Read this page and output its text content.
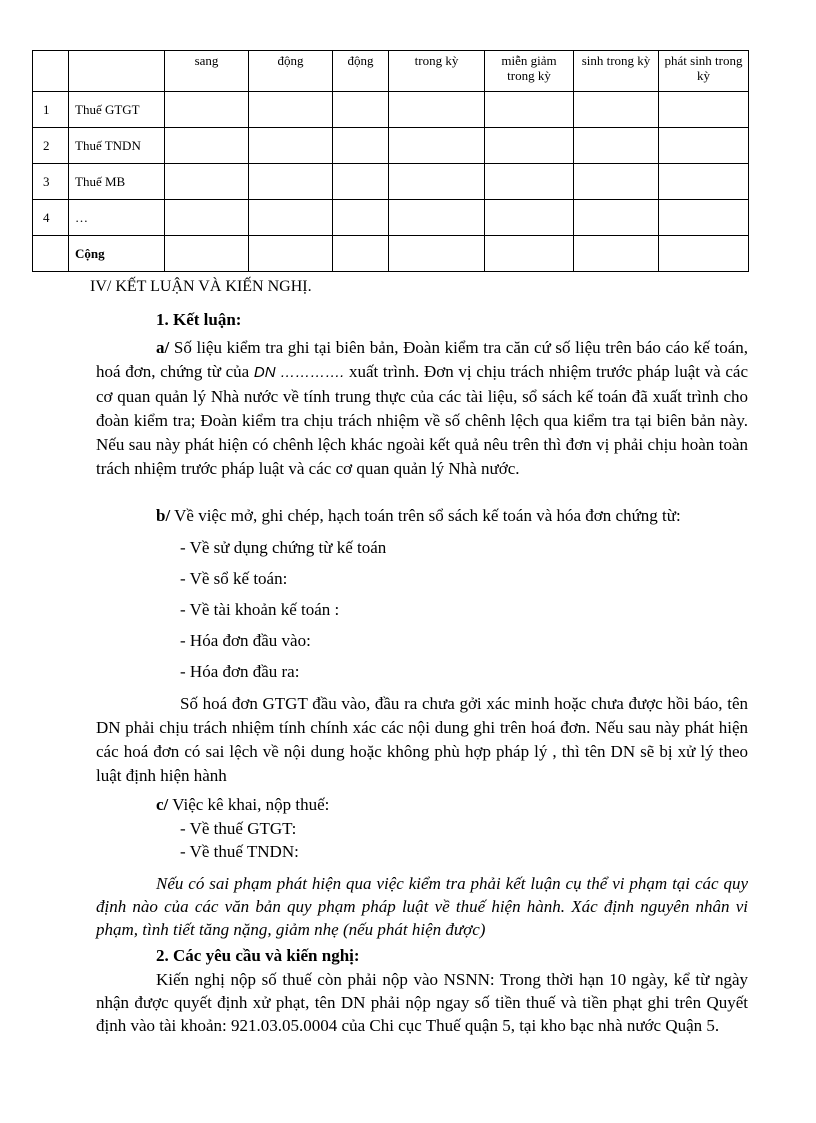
		sang	động	động	trong kỳ	miễn giảm trong kỳ	sinh trong kỳ	phát sinh trong kỳ
1	Thuế GTGT							
2	Thuế TNDN							
3	Thuế MB							
4	…							
	Cộng							
IV/ KẾT LUẬN VÀ KIẾN NGHỊ.
1. Kết luận:
a/ Số liệu kiểm tra ghi tại biên bản, Đoàn kiểm tra căn cứ số liệu trên báo cáo kế toán, hoá đơn, chứng từ của DN …………. xuất trình. Đơn vị chịu trách nhiệm trước pháp luật và các cơ quan quản lý Nhà nước về tính trung thực của các tài liệu, sổ sách kế toán đã xuất trình cho đoàn kiểm tra; Đoàn kiểm tra chịu trách nhiệm về số chênh lệch qua kiểm tra tại biên bản này. Nếu sau này phát hiện có chênh lệch khác ngoài kết quả nêu trên thì đơn vị phải chịu hoàn toàn trách nhiệm trước pháp luật và các cơ quan quản lý Nhà nước.
b/ Về việc mở, ghi chép, hạch toán trên sổ sách kế toán và hóa đơn chứng từ:
- Về sử dụng chứng từ kế toán
- Về sổ kế toán:
- Về tài khoản kế toán :
- Hóa đơn đầu vào:
- Hóa đơn đầu ra:
Số hoá đơn GTGT đầu vào, đầu ra chưa gởi xác minh hoặc chưa được hồi báo, tên DN phải chịu trách nhiệm tính chính xác các nội dung ghi trên hoá đơn. Nếu sau này phát hiện các hoá đơn có sai lệch về nội dung hoặc không phù hợp pháp lý , thì tên DN sẽ bị xử lý theo luật định hiện hành
c/ Việc kê khai, nộp thuế:
- Về thuế GTGT:
- Về thuế TNDN:
Nếu có sai phạm phát hiện qua việc kiểm tra phải kết luận cụ thể vi phạm tại các quy định nào của các văn bản quy phạm pháp luật về thuế hiện hành. Xác định nguyên nhân vi phạm, tình tiết tăng nặng, giảm nhẹ (nếu phát hiện được)
2. Các yêu cầu và kiến nghị:
Kiến nghị nộp số thuế còn phải nộp vào NSNN: Trong thời hạn 10 ngày, kể từ ngày nhận được quyết định xử phạt, tên DN phải nộp ngay số tiền thuế và tiền phạt ghi trên Quyết định vào tài khoản: 921.03.05.0004 của Chi cục Thuế quận 5, tại kho bạc nhà nước Quận 5.
